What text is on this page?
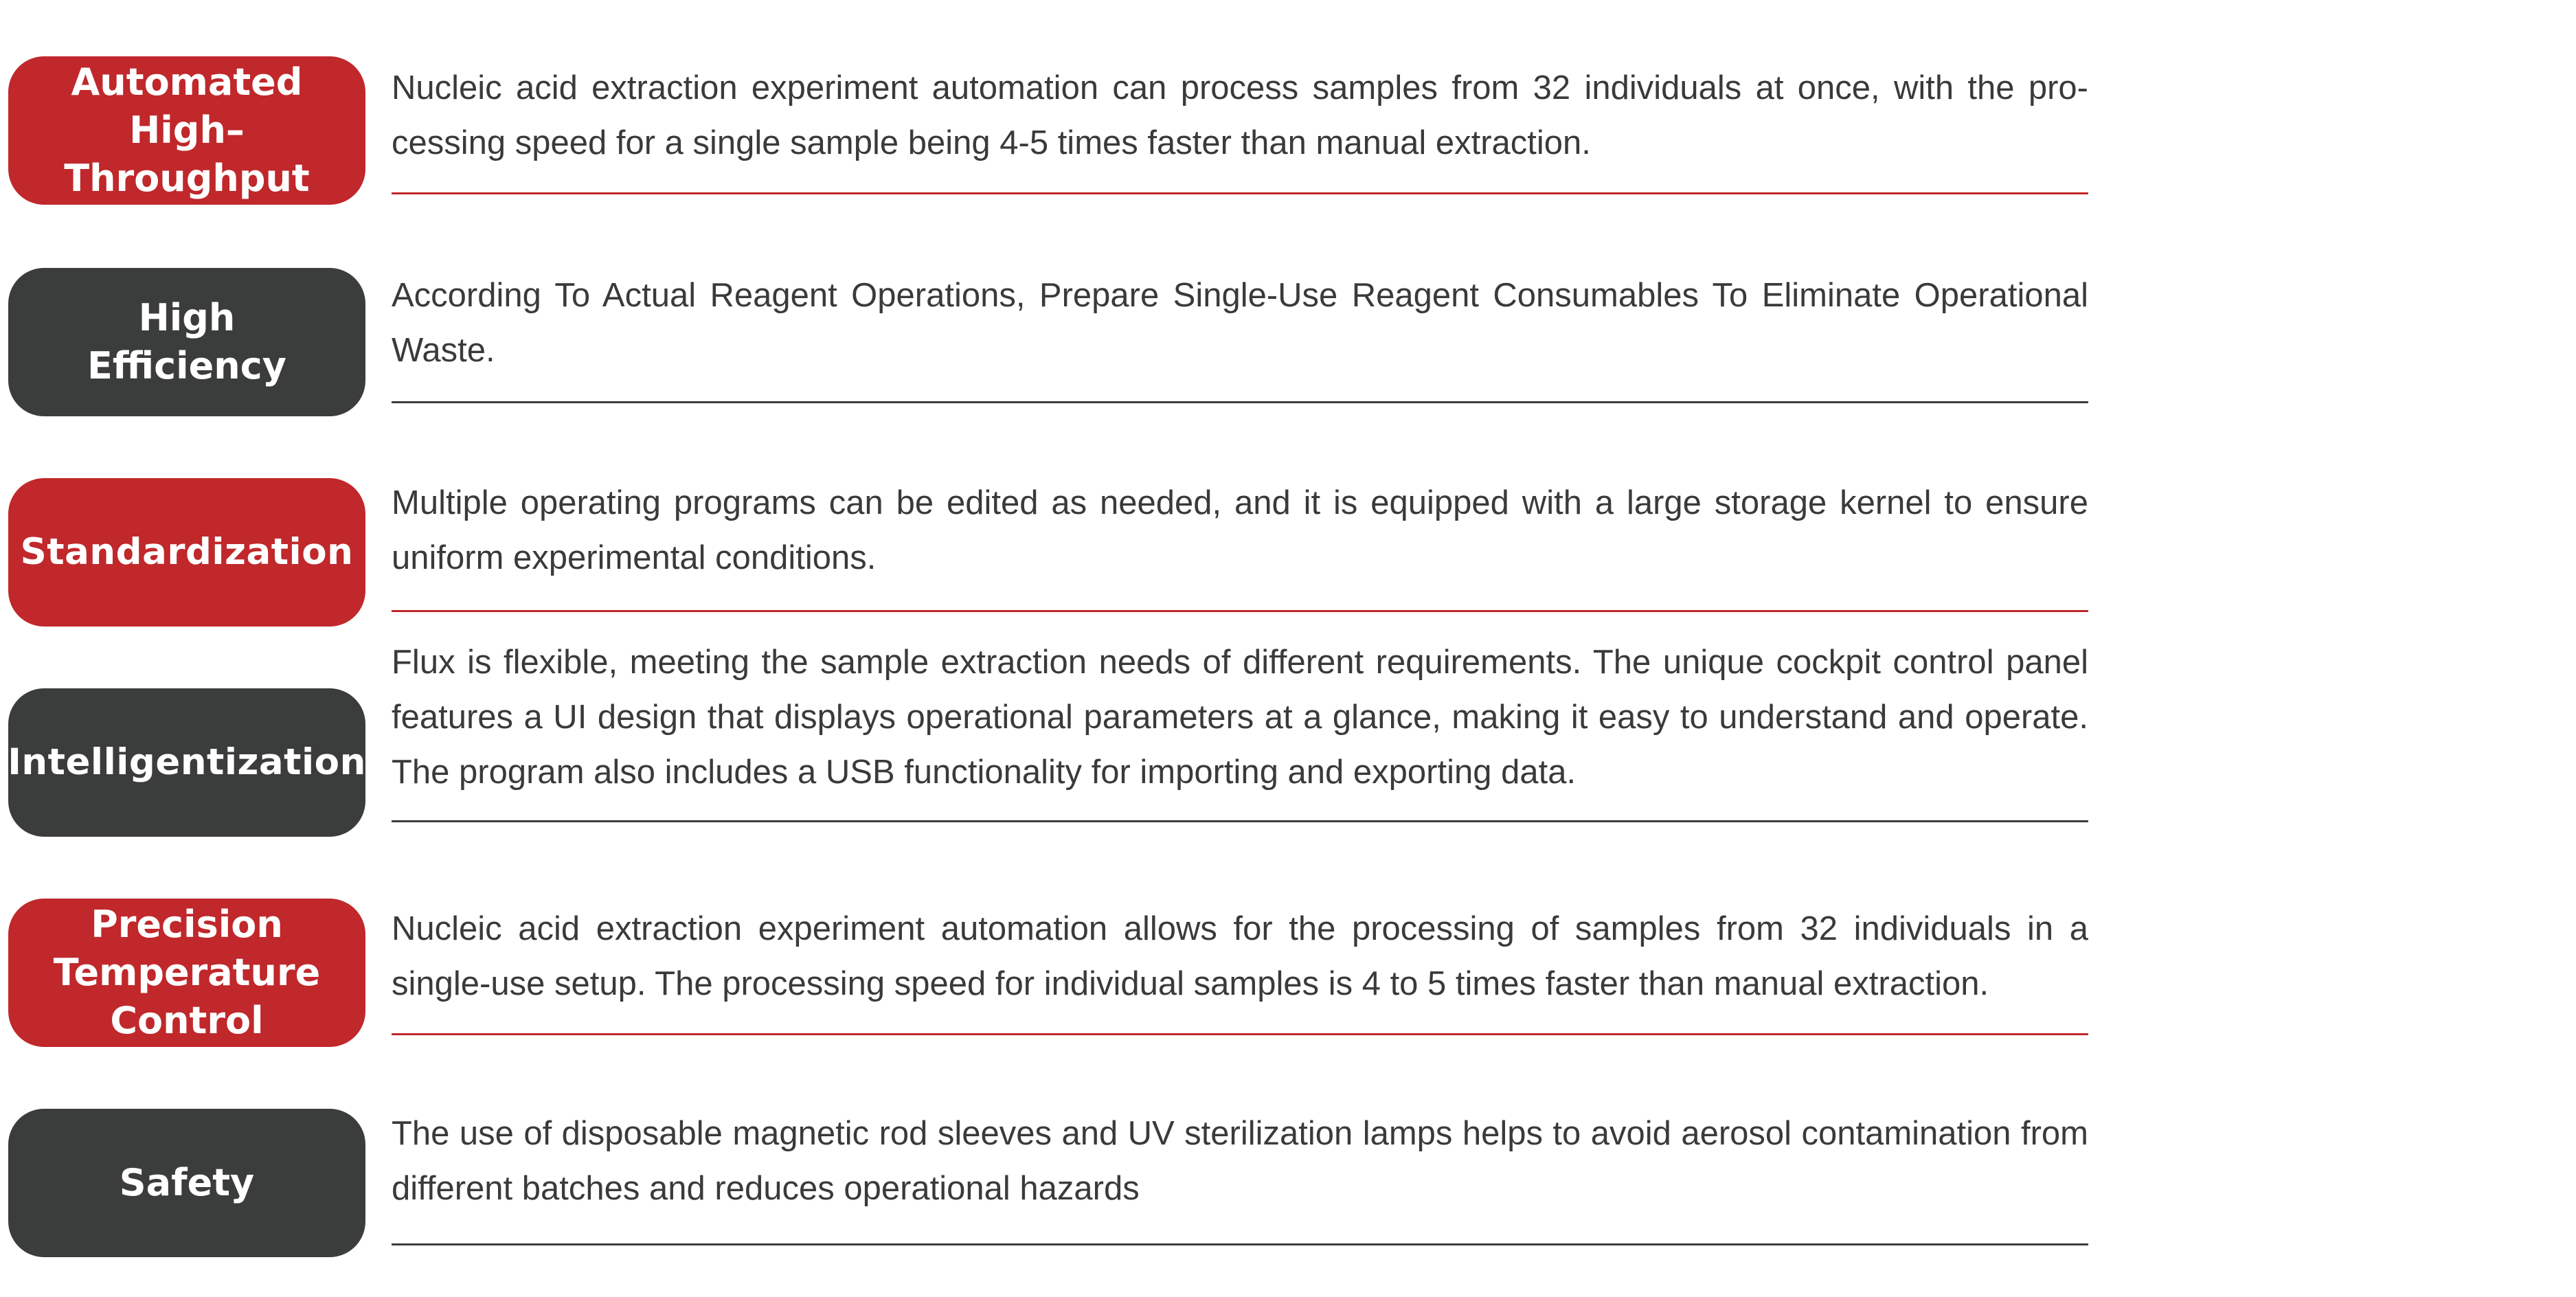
Automated
High–
Throughput
Nucleic acid extraction experiment automation can process samples from 32 individuals at once, with the processing speed for a single sample being 4-5 times faster than manual extraction.
High
Efficiency
According To Actual Reagent Operations, Prepare Single-Use Reagent Consumables To Eliminate Operational Waste.
Standardization
Multiple operating programs can be edited as needed, and it is equipped with a large storage kernel to ensure uniform experimental conditions.
Intelligentization
Flux is flexible, meeting the sample extraction needs of different requirements. The unique cockpit control panel features a UI design that displays operational parameters at a glance, making it easy to understand and operate. The program also includes a USB functionality for importing and exporting data.
Precision
Temperature
Control
Nucleic acid extraction experiment automation allows for the processing of samples from 32 individuals in a single-use setup. The processing speed for individual samples is 4 to 5 times faster than manual extraction.
Safety
The use of disposable magnetic rod sleeves and UV sterilization lamps helps to avoid aerosol contamination from different batches and reduces operational hazards
